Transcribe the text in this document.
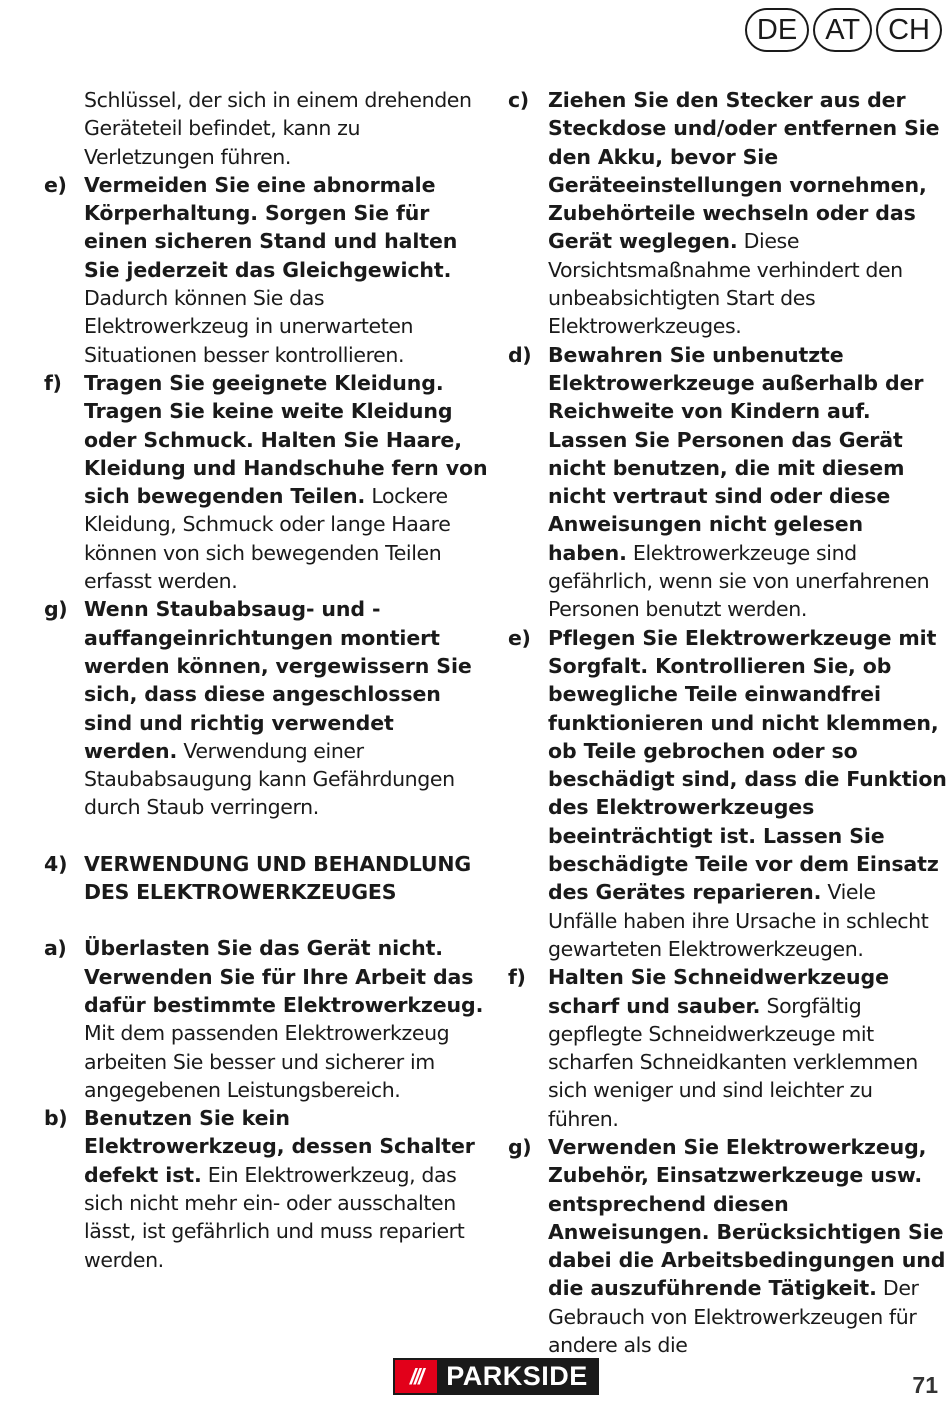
DE AT CH
Schlüssel, der sich in einem drehenden Geräteteil befindet, kann zu Verletzungen führen.
e) Vermeiden Sie eine abnormale Körperhaltung. Sorgen Sie für einen sicheren Stand und halten Sie jederzeit das Gleichgewicht. Dadurch können Sie das Elektrowerkzeug in unerwarteten Situationen besser kontrollieren.
f)	Tragen Sie geeignete Kleidung. Tragen Sie keine weite Kleidung oder Schmuck. Halten Sie Haare, Kleidung und Handschuhe fern von sich bewegenden Teilen. Lockere Kleidung, Schmuck oder lange Haare können von sich bewegenden Teilen erfasst werden.
g) Wenn Staubabsaug- und -auffangeinrichtungen montiert werden können, vergewissern Sie sich, dass diese angeschlossen sind und richtig verwendet werden. Verwendung einer Staubabsaugung kann Gefährdungen durch Staub verringern.
4) VERWENDUNG UND BEHANDLUNG DES ELEKTROWERKZEUGES
a) Überlasten Sie das Gerät nicht. Verwenden Sie für Ihre Arbeit das dafür bestimmte Elektrowerkzeug. Mit dem passenden Elektrowerkzeug arbeiten Sie besser und sicherer im angegebenen Leistungsbereich.
b) Benutzen Sie kein Elektrowerkzeug, dessen Schalter defekt ist. Ein Elektrowerkzeug, das sich nicht mehr ein- oder ausschalten lässt, ist gefährlich und muss repariert werden.
c) Ziehen Sie den Stecker aus der Steckdose und/oder entfernen Sie den Akku, bevor Sie Geräteeinstellungen vornehmen, Zubehörteile wechseln oder das Gerät weglegen. Diese Vorsichtsmaßnahme verhindert den unbeabsichtigten Start des Elektrowerkzeuges.
d) Bewahren Sie unbenutzte Elektrowerkzeuge außerhalb der Reichweite von Kindern auf. Lassen Sie Personen das Gerät nicht benutzen, die mit diesem nicht vertraut sind oder diese Anweisungen nicht gelesen haben. Elektrowerkzeuge sind gefährlich, wenn sie von unerfahrenen Personen benutzt werden.
e) Pflegen Sie Elektrowerkzeuge mit Sorgfalt. Kontrollieren Sie, ob bewegliche Teile einwandfrei funktionieren und nicht klemmen, ob Teile gebrochen oder so beschädigt sind, dass die Funktion des Elektrowerkzeuges beeinträchtigt ist. Lassen Sie beschädigte Teile vor dem Einsatz des Gerätes reparieren. Viele Unfälle haben ihre Ursache in schlecht gewarteten Elektrowerkzeugen.
f)	Halten Sie Schneidwerkzeuge scharf und sauber. Sorgfältig gepflegte Schneidwerkzeuge mit scharfen Schneidkanten verklemmen sich weniger und sind leichter zu führen.
g) Verwenden Sie Elektrowerkzeug, Zubehör, Einsatzwerkzeuge usw. entsprechend diesen Anweisungen. Berücksichtigen Sie dabei die Arbeitsbedingungen und die auszuführende Tätigkeit. Der Gebrauch von Elektrowerkzeugen für andere als die
/// PARKSIDE	71
